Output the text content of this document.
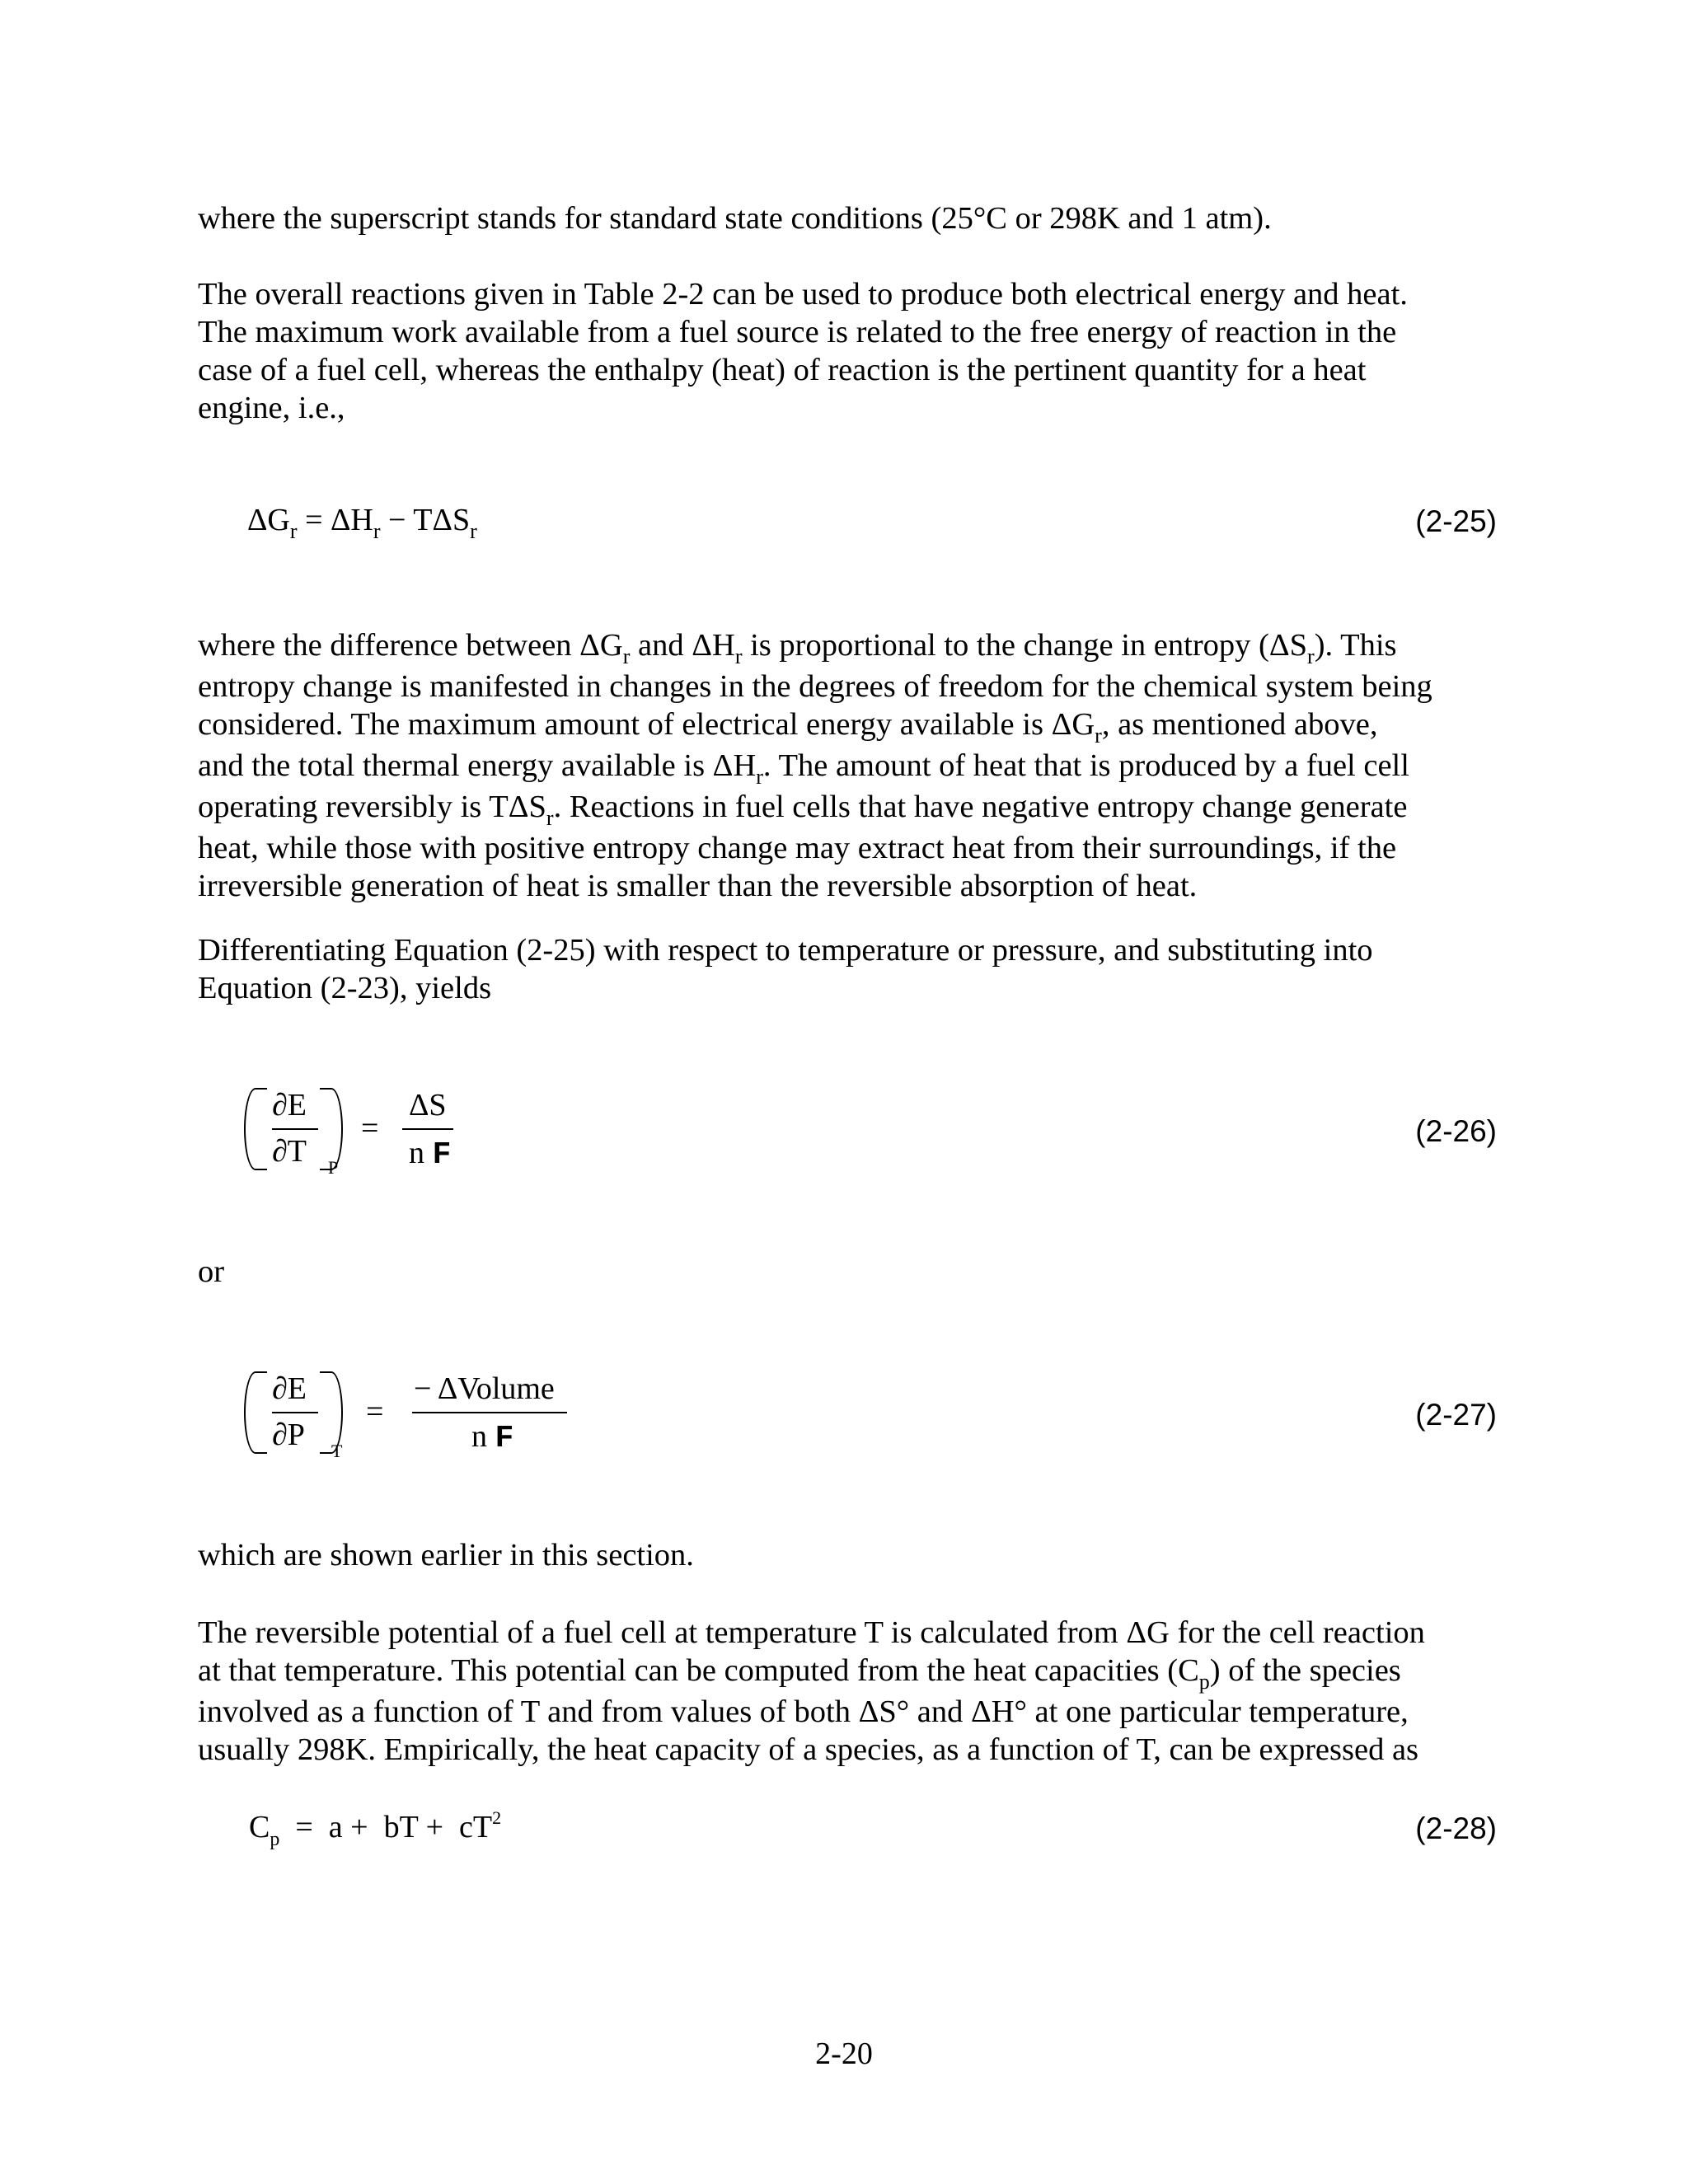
where the superscript stands for standard state conditions (25°C or 298K and 1 atm).

The overall reactions given in Table 2-2 can be used to produce both electrical energy and heat.
The maximum work available from a fuel source is related to the free energy of reaction in the
case of a fuel cell, whereas the enthalpy (heat) of reaction is the pertinent quantity for a heat
engine, i.e.,
$\Delta G_r = \Delta H_r - T\Delta S_r$	(2-25)
where the difference between $\Delta G_r$ and $\Delta H_r$ is proportional to the change in entropy $(\Delta S_r)$. This
entropy change is manifested in changes in the degrees of freedom for the chemical system being
considered. The maximum amount of electrical energy available is $\Delta G_r$, as mentioned above,
and the total thermal energy available is $\Delta H_r$. The amount of heat that is produced by a fuel cell
operating reversibly is $T\Delta S_r$. Reactions in fuel cells that have negative entropy change generate
heat, while those with positive entropy change may extract heat from their surroundings, if the
irreversible generation of heat is smaller than the reversible absorption of heat.
Differentiating Equation (2-25) with respect to temperature or pressure, and substituting into
Equation (2-23), yields
∂E
∂T P
=
ΔS
n F
(2-26)

or

∂E
∂P T
=
− ΔVolume
n F
(2-27)

which are shown earlier in this section.

The reversible potential of a fuel cell at temperature T is calculated from ΔG for the cell reaction
at that temperature. This potential can be computed from the heat capacities $(C_p)$ of the species
involved as a function of T and from values of both ΔS° and ΔH° at one particular temperature,
usually 298K. Empirically, the heat capacity of a species, as a function of T, can be expressed as
$C_p = a$ +  bT +  $cT^2$	(2-28)
2-20
